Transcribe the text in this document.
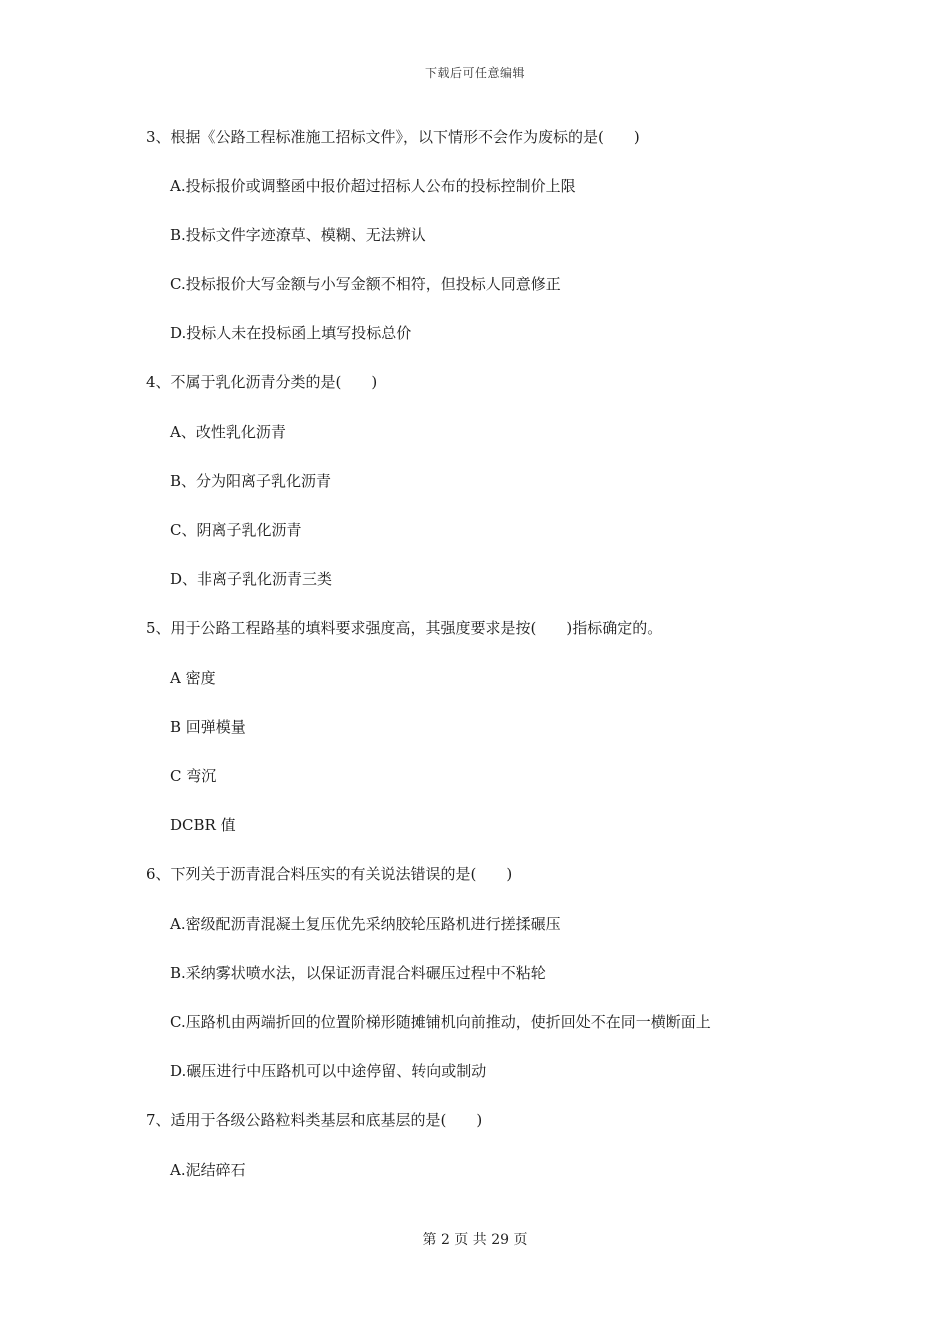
下载后可任意编辑
3、根据《公路工程标准施工招标文件》，以下情形不会作为废标的是(　　)
A.投标报价或调整函中报价超过招标人公布的投标控制价上限
B.投标文件字迹潦草、模糊、无法辨认
C.投标报价大写金额与小写金额不相符，但投标人同意修正
D.投标人未在投标函上填写投标总价
4、不属于乳化沥青分类的是(　　)
A、改性乳化沥青
B、分为阳离子乳化沥青
C、阴离子乳化沥青
D、非离子乳化沥青三类
5、用于公路工程路基的填料要求强度高，其强度要求是按(　　)指标确定的。
A 密度
B 回弹模量
C 弯沉
DCBR 值
6、下列关于沥青混合料压实的有关说法错误的是(　　)
A.密级配沥青混凝土复压优先采纳胶轮压路机进行搓揉碾压
B.采纳雾状喷水法，以保证沥青混合料碾压过程中不粘轮
C.压路机由两端折回的位置阶梯形随摊铺机向前推动，使折回处不在同一横断面上
D.碾压进行中压路机可以中途停留、转向或制动
7、适用于各级公路粒料类基层和底基层的是(　　)
A.泥结碎石
第 2 页 共 29 页
